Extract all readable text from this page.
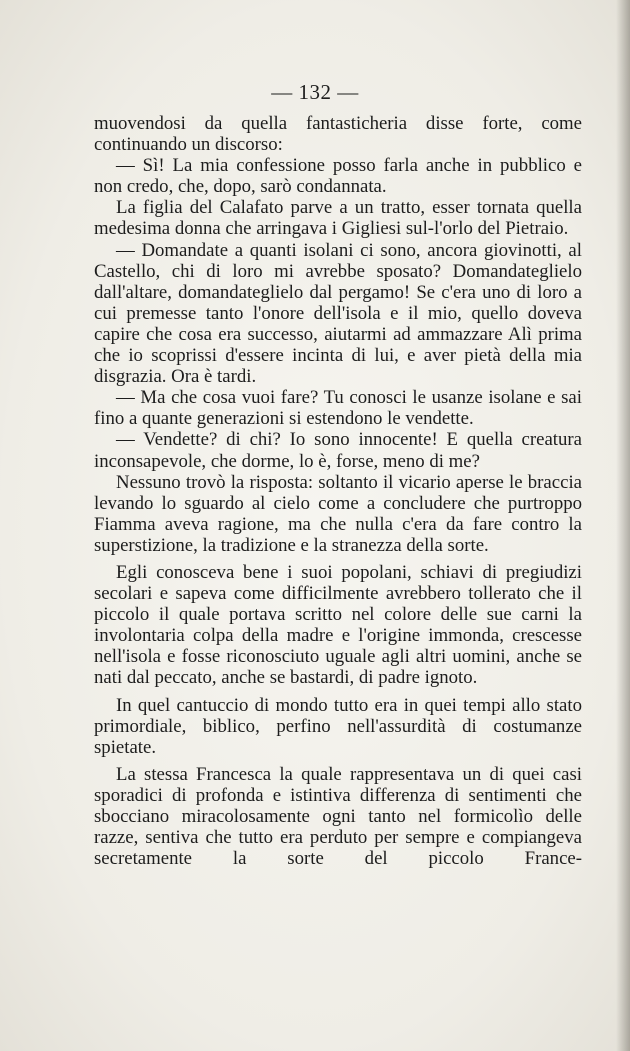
— 132 —

muovendosi da quella fantasticheria disse forte, come continuando un discorso:

— Sì! La mia confessione posso farla anche in pubblico e non credo, che, dopo, sarò condannata.

La figlia del Calafato parve a un tratto, esser tornata quella medesima donna che arringava i Gigliesi sul-l'orlo del Pietraio.

— Domandate a quanti isolani ci sono, ancora giovinotti, al Castello, chi di loro mi avrebbe sposato? Domandateglielo dall'altare, domandateglielo dal pergamo! Se c'era uno di loro a cui premesse tanto l'onore dell'isola e il mio, quello doveva capire che cosa era successo, aiutarmi ad ammazzare Alì prima che io scoprissi d'essere incinta di lui, e aver pietà della mia disgrazia. Ora è tardi.

— Ma che cosa vuoi fare? Tu conosci le usanze isolane e sai fino a quante generazioni si estendono le vendette.

— Vendette? di chi? Io sono innocente! E quella creatura inconsapevole, che dorme, lo è, forse, meno di me?

Nessuno trovò la risposta: soltanto il vicario aperse le braccia levando lo sguardo al cielo come a concludere che purtroppo Fiamma aveva ragione, ma che nulla c'era da fare contro la superstizione, la tradizione e la stranezza della sorte.

Egli conosceva bene i suoi popolani, schiavi di pregiudizi secolari e sapeva come difficilmente avrebbero tollerato che il piccolo il quale portava scritto nel colore delle sue carni la involontaria colpa della madre e l'origine immonda, crescesse nell'isola e fosse riconosciuto uguale agli altri uomini, anche se nati dal peccato, anche se bastardi, di padre ignoto.

In quel cantuccio di mondo tutto era in quei tempi allo stato primordiale, biblico, perfino nell'assurdità di costumanze spietate.

La stessa Francesca la quale rappresentava un di quei casi sporadici di profonda e istintiva differenza di sentimenti che sbocciano miracolosamente ogni tanto nel formicolìo delle razze, sentiva che tutto era perduto per sempre e compiangeva secretamente la sorte del piccolo France-
